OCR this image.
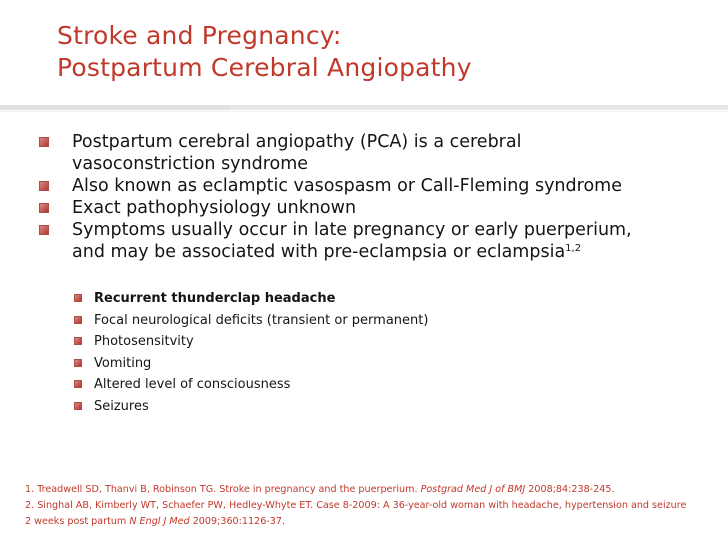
Stroke and Pregnancy:
Postpartum Cerebral Angiopathy
Postpartum cerebral angiopathy (PCA) is a cerebral
vasoconstriction syndrome
Also known as eclamptic vasospasm or Call-Fleming syndrome
Exact pathophysiology unknown
Symptoms usually occur in late pregnancy or early puerperium,
and may be associated with pre-eclampsia or eclampsia$^{1,2}$
Recurrent thunderclap headache
Focal neurological deficits (transient or permanent)
Photosensitvity
Vomiting
Altered level of consciousness
Seizures
1. Treadwell SD, Thanvi B, Robinson TG. Stroke in pregnancy and the puerperium. Postgrad Med J of BMJ 2008;84:238-245.
2. Singhal AB, Kimberly WT, Schaefer PW, Hedley-Whyte ET. Case 8-2009: A 36-year-old woman with headache, hypertension and seizure
2 weeks post partum N Engl J Med 2009;360:1126-37.
